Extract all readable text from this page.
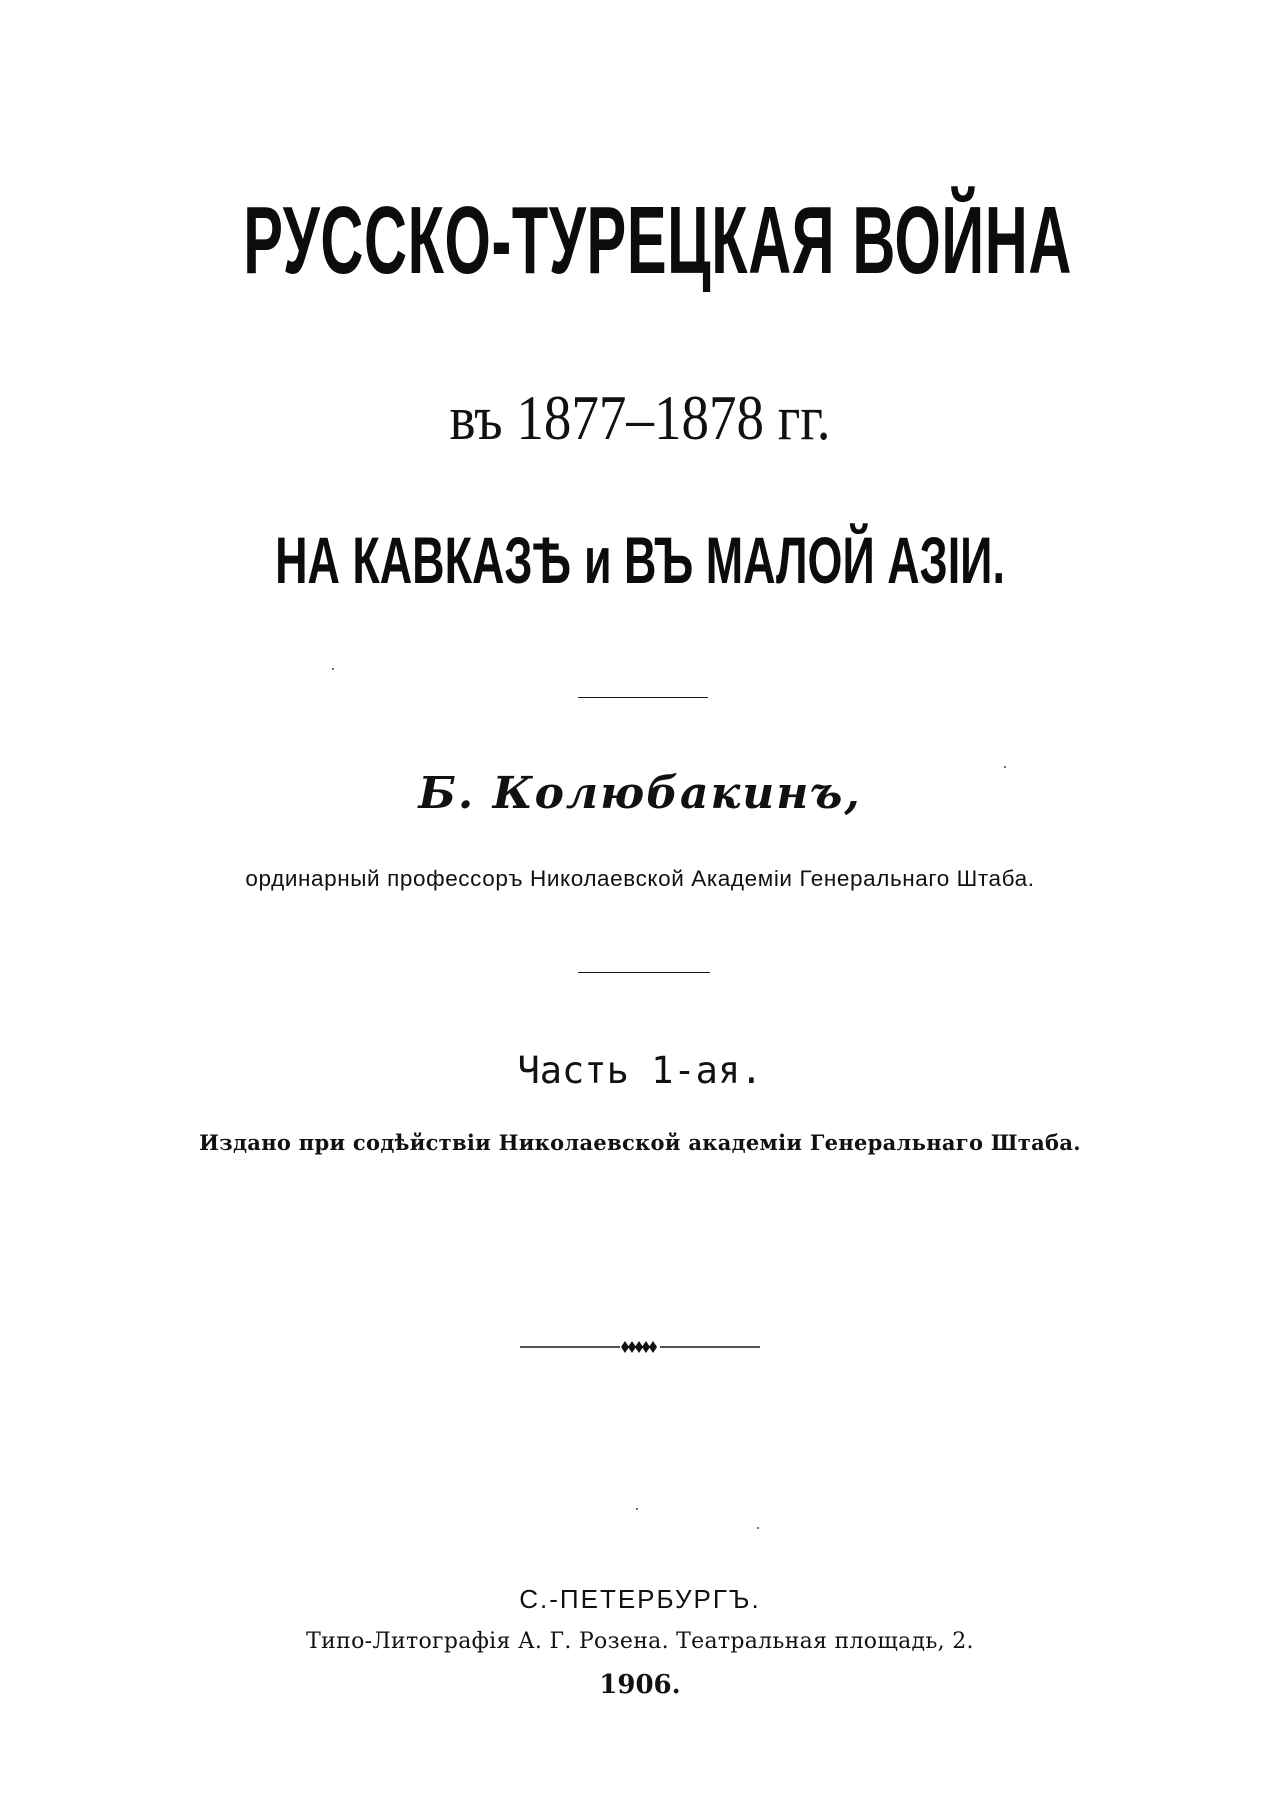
РУССКО-ТУРЕЦКАЯ ВОЙНА
въ 1877–1878 гг.
НА КАВКАЗѢ и ВЪ МАЛОЙ АЗІИ.
Б. Колюбакинъ,
ординарный профессоръ Николаевской Академіи Генеральнаго Штаба.
Часть 1-ая.
Издано при содѣйствіи Николаевской академіи Генеральнаго Штаба.
С.-ПЕТЕРБУРГЪ.
Типо-Литографія А. Г. Розена. Театральная площадь, 2.
1906.
